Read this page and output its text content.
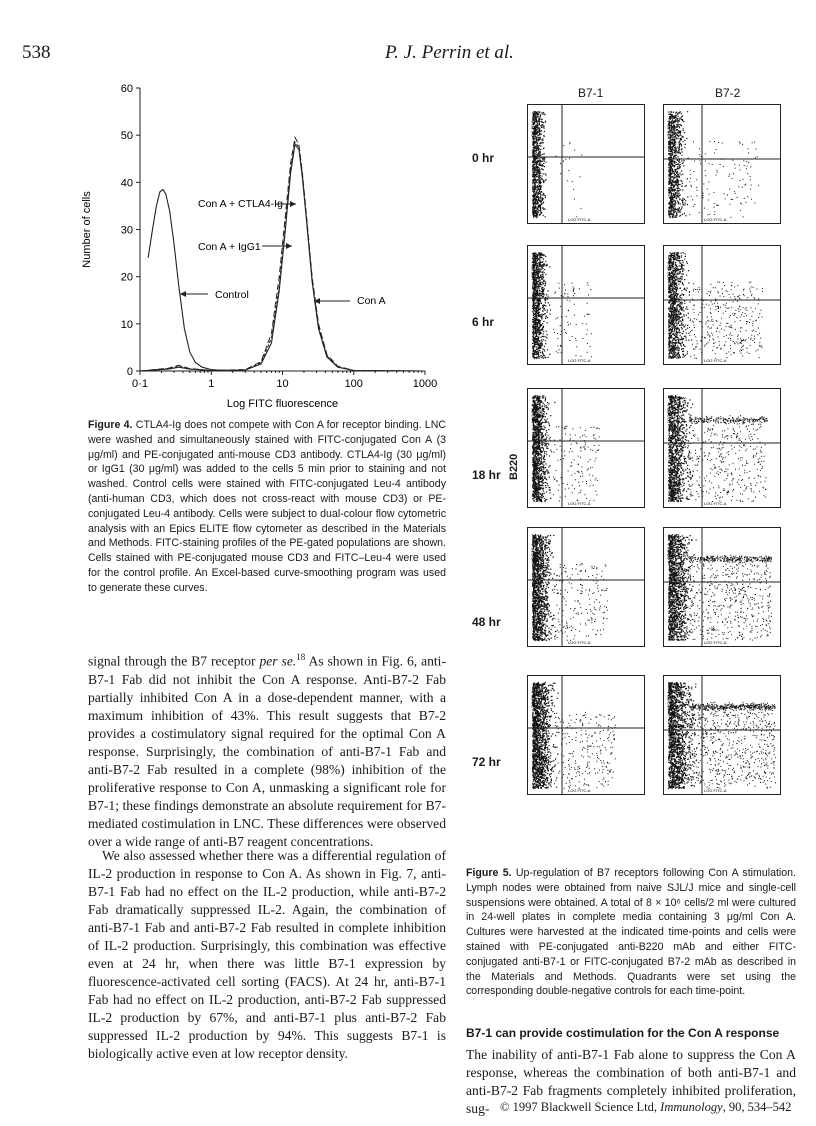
538	P. J. Perrin et al.
0
10
20
30
40
50
60
0·1	1	10	100	1000
Log FITC fluorescence
Number of cells	Con A + CTLA4-Ig
Con A + IgG1
Control	Con A
Figure 4. CTLA4-Ig does not compete with Con A for receptor binding. LNC were washed and simultaneously stained with FITC-conjugated Con A (3 μg/ml) and PE-conjugated anti-mouse CD3 antibody. CTLA4-Ig (30 μg/ml) or IgG1 (30 μg/ml) was added to the cells 5 min prior to staining and not washed. Control cells were stained with FITC-conjugated Leu-4 antibody (anti-human CD3, which does not cross-react with mouse CD3) or PE-conjugated Leu-4 antibody. Cells were subject to dual-colour flow cytometric analysis with an Epics ELITE flow cytometer as described in the Materials and Methods. FITC-staining profiles of the PE-gated populations are shown. Cells stained with PE-conjugated mouse CD3 and FITC–Leu-4 were used for the control profile. An Excel-based curve-smoothing program was used to generate these curves.
signal through the B7 receptor per se.$^{18}$ As shown in Fig. 6, anti-B7-1 Fab did not inhibit the Con A response. Anti-B7-2 Fab partially inhibited Con A in a dose-dependent manner, with a maximum inhibition of 43%. This result suggests that B7-2 provides a costimulatory signal required for the optimal Con A response. Surprisingly, the combination of anti-B7-1 Fab and anti-B7-2 Fab resulted in a complete (98%) inhibition of the proliferative response to Con A, unmasking a significant role for B7-1; these findings demonstrate an absolute requirement for B7-mediated costimulation in LNC. These differences were observed over a wide range of anti-B7 reagent concentrations.
We also assessed whether there was a differential regulation of IL-2 production in response to Con A. As shown in Fig. 7, anti-B7-1 Fab had no effect on the IL-2 production, while anti-B7-2 Fab dramatically suppressed IL-2. Again, the combination of anti-B7-1 Fab and anti-B7-2 Fab resulted in complete inhibition of IL-2 production. Surprisingly, this combination was effective even at 24 hr, when there was little B7-1 expression by fluorescence-activated cell sorting (FACS). At 24 hr, anti-B7-1 Fab had no effect on IL-2 production, anti-B7-2 Fab suppressed IL-2 production by 67%, and anti-B7-1 plus anti-B7-2 Fab suppressed IL-2 production by 94%. This suggests B7-1 is biologically active even at low receptor density.
B7-1	B7-2
0 hr
6 hr
18 hr
48 hr
72 hr
B220
LOG PE-A
LOG FITC-A
LOG PE-A
LOG FITC-A
LOG PE-A
LOG FITC-A
LOG PE-A
LOG FITC-A
LOG PE-A
LOG FITC-A
LOG PE-A
LOG FITC-A
LOG PE-A
LOG FITC-A
LOG PE-A
LOG FITC-A
LOG PE-A
LOG FITC-A
LOG PE-A
LOG FITC-A
Figure 5. Up-regulation of B7 receptors following Con A stimulation. Lymph nodes were obtained from naive SJL/J mice and single-cell suspensions were obtained. A total of 8 × 10⁶ cells/2 ml were cultured in 24-well plates in complete media containing 3 μg/ml Con A. Cultures were harvested at the indicated time-points and cells were stained with PE-conjugated anti-B220 mAb and either FITC-conjugated anti-B7-1 or FITC-conjugated B7-2 mAb as described in the Materials and Methods. Quadrants were set using the corresponding double-negative controls for each time-point.
B7-1 can provide costimulation for the Con A response
The inability of anti-B7-1 Fab alone to suppress the Con A response, whereas the combination of both anti-B7-1 and anti-B7-2 Fab fragments completely inhibited proliferation, sug- © 1997 Blackwell Science Ltd, Immunology, 90, 534–542
